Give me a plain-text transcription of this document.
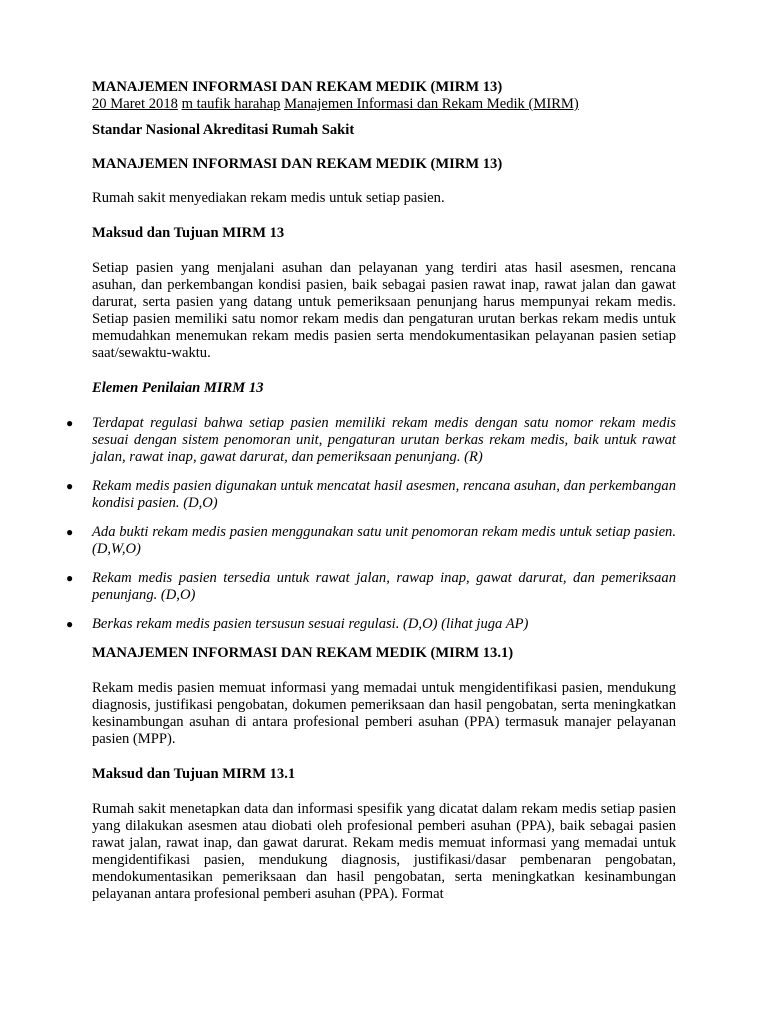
MANAJEMEN INFORMASI DAN REKAM MEDIK (MIRM 13)

20 Maret 2018 m taufik harahap Manajemen Informasi dan Rekam Medik (MIRM)

Standar Nasional Akreditasi Rumah Sakit

MANAJEMEN INFORMASI DAN REKAM MEDIK (MIRM 13)

Rumah sakit menyediakan rekam medis untuk setiap pasien.

Maksud dan Tujuan MIRM 13

Setiap pasien yang menjalani asuhan dan pelayanan yang terdiri atas hasil asesmen, rencana asuhan, dan perkembangan kondisi pasien, baik sebagai pasien rawat inap, rawat jalan dan gawat darurat, serta pasien yang datang untuk pemeriksaan penunjang harus mempunyai rekam medis. Setiap pasien memiliki satu nomor rekam medis dan pengaturan urutan berkas rekam medis untuk memudahkan menemukan rekam medis pasien serta mendokumentasikan pelayanan pasien setiap saat/sewaktu-waktu.

Elemen Penilaian MIRM 13

● Terdapat regulasi bahwa setiap pasien memiliki rekam medis dengan satu nomor rekam medis sesuai dengan sistem penomoran unit, pengaturan urutan berkas rekam medis, baik untuk rawat jalan, rawat inap, gawat darurat, dan pemeriksaan penunjang. (R)
● Rekam medis pasien digunakan untuk mencatat hasil asesmen, rencana asuhan, dan perkembangan kondisi pasien. (D,O)
● Ada bukti rekam medis pasien menggunakan satu unit penomoran rekam medis untuk setiap pasien. (D,W,O)
● Rekam medis pasien tersedia untuk rawat jalan, rawap inap, gawat darurat, dan pemeriksaan penunjang. (D,O)
● Berkas rekam medis pasien tersusun sesuai regulasi. (D,O) (lihat juga AP)

MANAJEMEN INFORMASI DAN REKAM MEDIK (MIRM 13.1)

Rekam medis pasien memuat informasi yang memadai untuk mengidentifikasi pasien, mendukung diagnosis, justifikasi pengobatan, dokumen pemeriksaan dan hasil pengobatan, serta meningkatkan kesinambungan asuhan di antara profesional pemberi asuhan (PPA) termasuk manajer pelayanan pasien (MPP).

Maksud dan Tujuan MIRM 13.1

Rumah sakit menetapkan data dan informasi spesifik yang dicatat dalam rekam medis setiap pasien yang dilakukan asesmen atau diobati oleh profesional pemberi asuhan (PPA), baik sebagai pasien rawat jalan, rawat inap, dan gawat darurat. Rekam medis memuat informasi yang memadai untuk mengidentifikasi pasien, mendukung diagnosis, justifikasi/dasar pembenaran pengobatan, mendokumentasikan pemeriksaan dan hasil pengobatan, serta meningkatkan kesinambungan pelayanan antara profesional pemberi asuhan (PPA). Format
